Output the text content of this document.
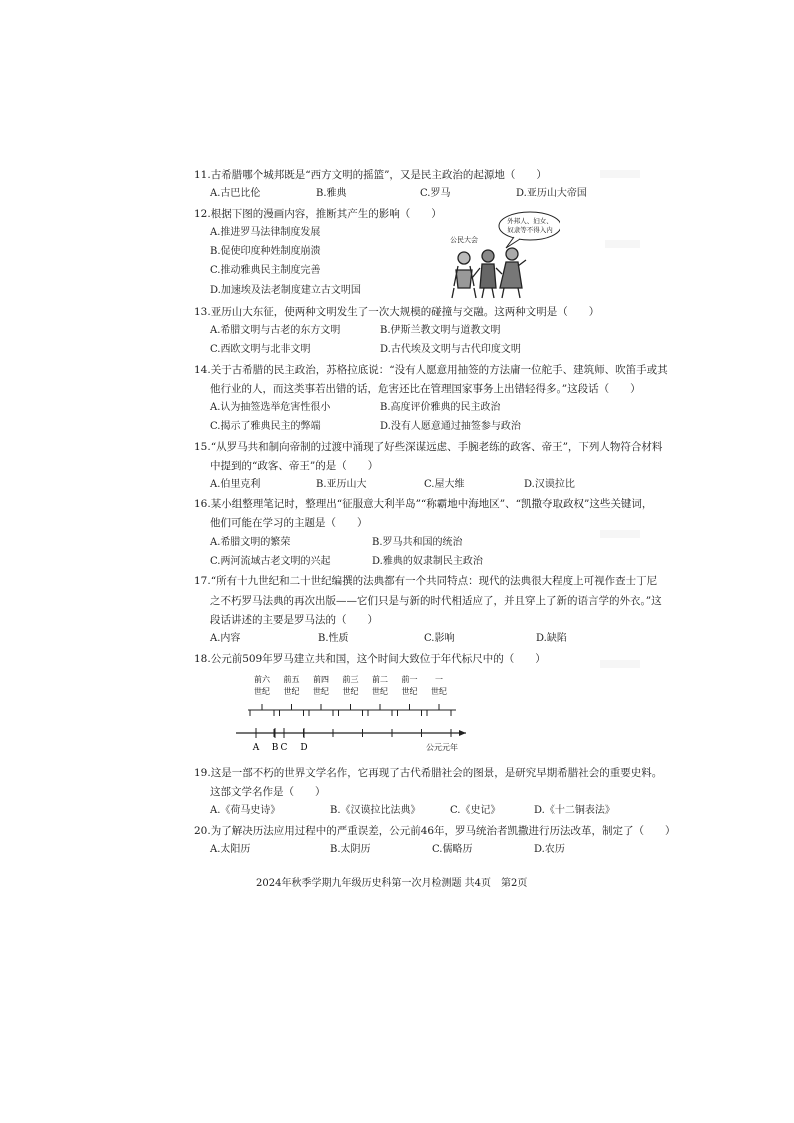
11.古希腊哪个城邦既是“西方文明的摇篮”，又是民主政治的起源地（　　）
A.古巴比伦	B.雅典	C.罗马	D.亚历山大帝国
12.根据下图的漫画内容，推断其产生的影响（　　）
A.推进罗马法律制度发展
B.促使印度种姓制度崩溃
C.推动雅典民主制度完善
D.加速埃及法老制度建立古文明国
外邦人、妇女、
奴隶等不得入内
公民大会
13.亚历山大东征，使两种文明发生了一次大规模的碰撞与交融。这两种文明是（　　）
A.希腊文明与古老的东方文明	B.伊斯兰教文明与道教文明
C.西欧文明与北非文明	D.古代埃及文明与古代印度文明
14.关于古希腊的民主政治，苏格拉底说：“没有人愿意用抽签的方法庸一位舵手、建筑师、吹笛手或其
他行业的人，而这类事若出错的话，危害还比在管理国家事务上出错轻得多。”这段话（　　）
A.认为抽签选举危害性很小	B.高度评价雅典的民主政治
C.揭示了雅典民主的弊端	D.没有人愿意通过抽签参与政治
15.“从罗马共和制向帝制的过渡中涌现了好些深谋远虑、手腕老练的政客、帝王”，下列人物符合材料
中提到的“政客、帝王”的是（　　）
A.伯里克利	B.亚历山大	C.屋大维	D.汉谟拉比
16.某小组整理笔记时，整理出“征服意大利半岛”“称霸地中海地区”、“凯撒夺取政权”这些关键词，
他们可能在学习的主题是（　　）
A.希腊文明的繁荣	B.罗马共和国的统治
C.两河流域古老文明的兴起	D.雅典的奴隶制民主政治
17.“所有十九世纪和二十世纪编撰的法典都有一个共同特点：现代的法典很大程度上可视作查士丁尼
之不朽罗马法典的再次出版——它们只是与新的时代相适应了，并且穿上了新的语言学的外衣。”这
段话讲述的主要是罗马法的（　　）
A.内容	B.性质	C.影响	D.缺陷
18.公元前509年罗马建立共和国，这个时间大致位于年代标尺中的（　　）
前六
世纪
前五
世纪
前四
世纪
前三
世纪
前二
世纪
前一
世纪
一
世纪
A B C D	公元元年
19.这是一部不朽的世界文学名作，它再现了古代希腊社会的图景，是研究早期希腊社会的重要史料。
这部文学名作是（　　）
A.《荷马史诗》	B.《汉谟拉比法典》	C.《史记》	D.《十二铜表法》
20.为了解决历法应用过程中的严重误差，公元前46年，罗马统治者凯撒进行历法改革，制定了（　　）
A.太阳历	B.太阴历	C.儒略历	D.农历
2024年秋季学期九年级历史科第一次月检测题 共4页　第2页
